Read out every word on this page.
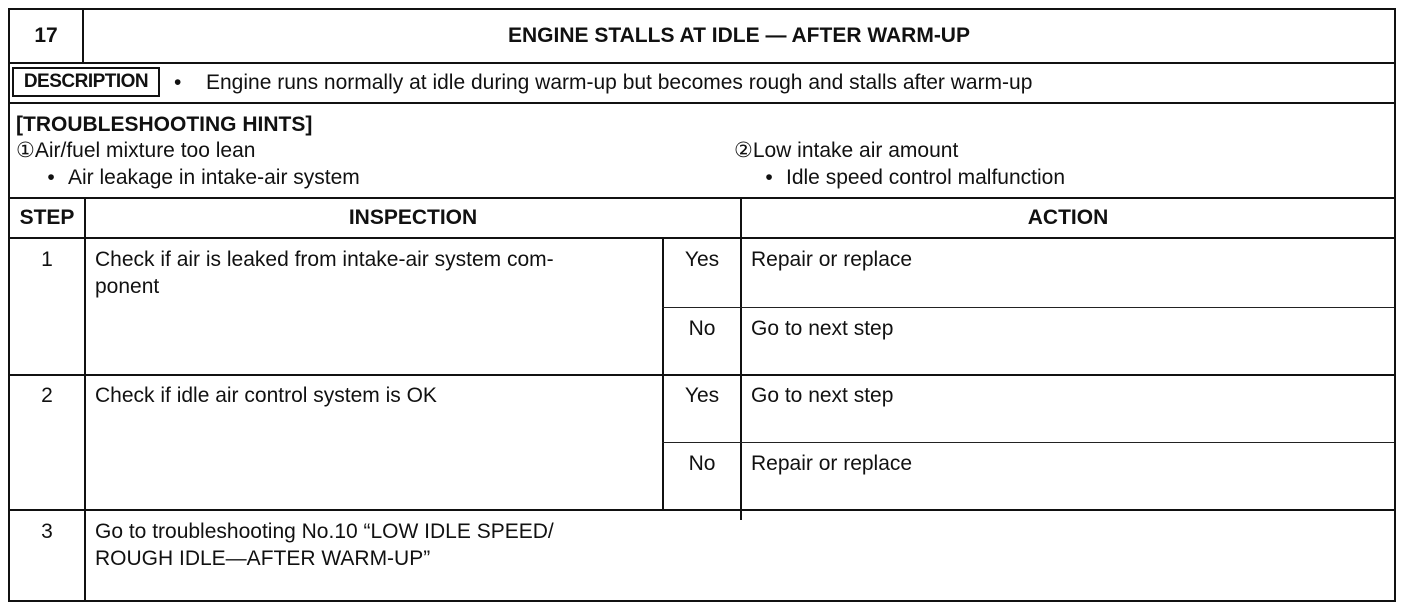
17	ENGINE STALLS AT IDLE — AFTER WARM-UP
DESCRIPTION	• Engine runs normally at idle during warm-up but becomes rough and stalls after warm-up
[TROUBLESHOOTING HINTS]
①Air/fuel mixture too lean
• Air leakage in intake-air system
②Low intake air amount
• Idle speed control malfunction
STEP	INSPECTION	ACTION
1	Check if air is leaked from intake-air system com-
ponent
Yes	Repair or replace
No	Go to next step
2	Check if idle air control system is OK	Yes	Go to next step
No	Repair or replace
3	Go to troubleshooting No.10 “LOW IDLE SPEED/
ROUGH IDLE—AFTER WARM-UP”
